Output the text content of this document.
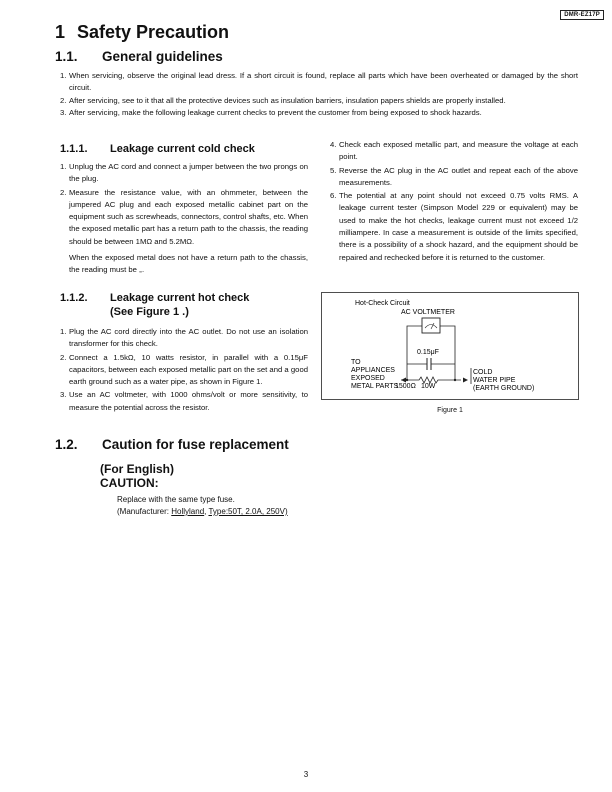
DMR-EZ17P
1 Safety Precaution
1.1. General guidelines
1. When servicing, observe the original lead dress. If a short circuit is found, replace all parts which have been overheated or damaged by the short circuit.
2. After servicing, see to it that all the protective devices such as insulation barriers, insulation papers shields are properly installed.
3. After servicing, make the following leakage current checks to prevent the customer from being exposed to shock hazards.
1.1.1. Leakage current cold check
1. Unplug the AC cord and connect a jumper between the two prongs on the plug.
2. Measure the resistance value, with an ohmmeter, between the jumpered AC plug and each exposed metallic cabinet part on the equipment such as screwheads, connectors, control shafts, etc. When the exposed metallic part has a return path to the chassis, the reading should be between 1MΩ and 5.2MΩ.

When the exposed metal does not have a return path to the chassis, the reading must be ∞.

1.1.2. Leakage current hot check
(See Figure 1 .)
1. Plug the AC cord directly into the AC outlet. Do not use an isolation transformer for this check.
2. Connect a 1.5kΩ, 10 watts resistor, in parallel with a 0.15μF capacitors, between each exposed metallic part on the set and a good earth ground such as a water pipe, as shown in Figure 1.
3. Use an AC voltmeter, with 1000 ohms/volt or more sensitivity, to measure the potential across the resistor.
4. Check each exposed metallic part, and measure the voltage at each point.
5. Reverse the AC plug in the AC outlet and repeat each of the above measurements.
6. The potential at any point should not exceed 0.75 volts RMS. A leakage current tester (Simpson Model 229 or equivalent) may be used to make the hot checks, leakage current must not exceed 1/2 milliampere. In case a measurement is outside of the limits specified, there is a possibility of a shock hazard, and the equipment should be repaired and rechecked before it is returned to the customer.
Hot-Check Circuit
AC VOLTMETER
0.15μF
TO
APPLIANCES
EXPOSED
METAL PARTS
1500Ω 10W
COLD
WATER PIPE
(EARTH GROUND)
Figure 1
1.2. Caution for fuse replacement

(For English)

CAUTION:

Replace with the same type fuse.

(Manufacturer: Hollyland, Type:50T, 2.0A, 250V)

3
